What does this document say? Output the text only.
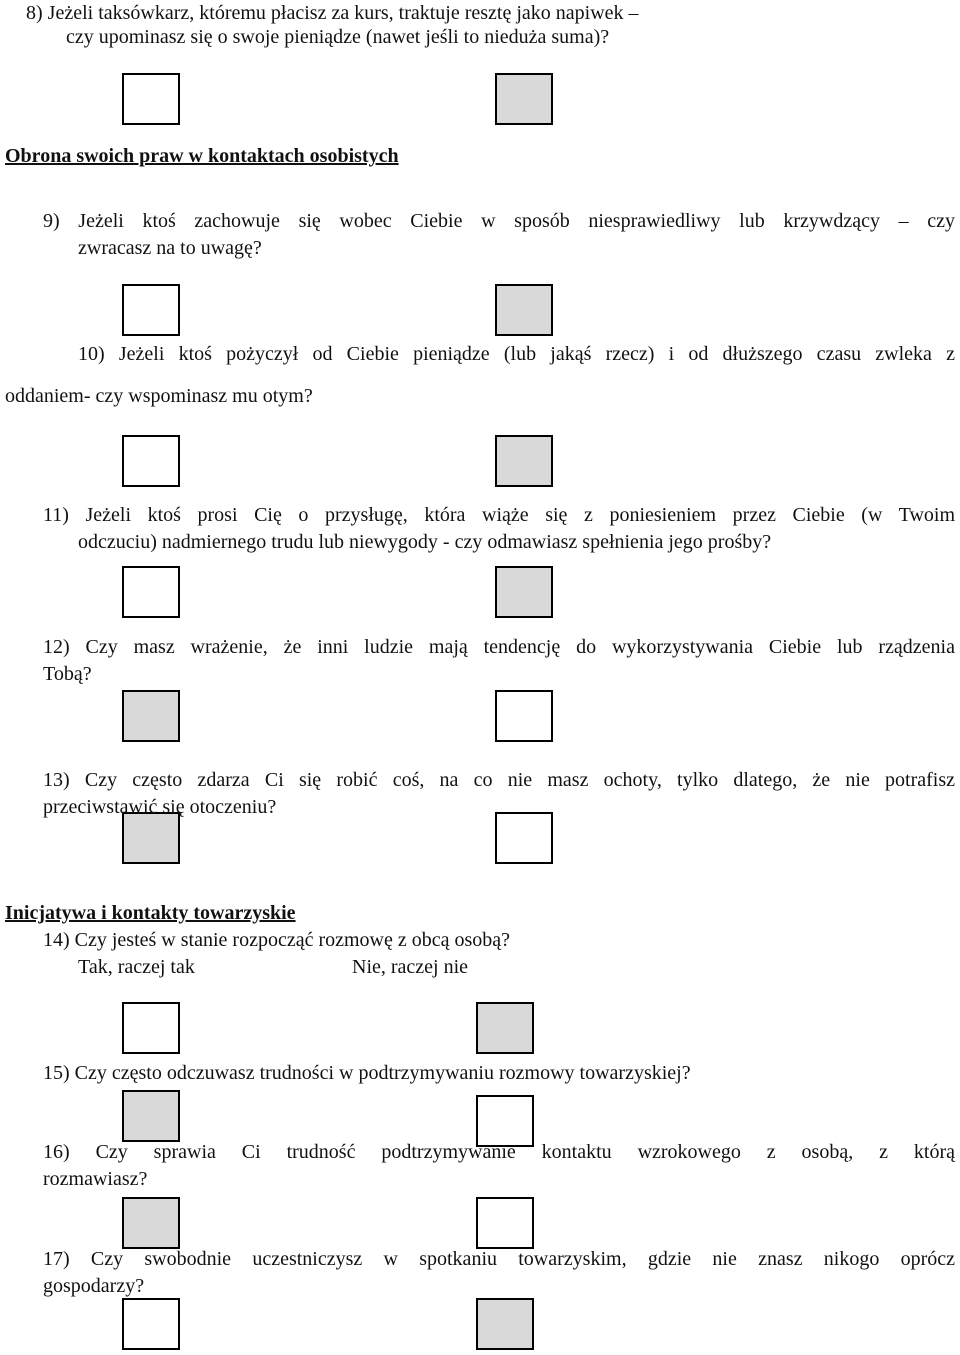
8) Jeżeli taksówkarz, któremu płacisz za kurs, traktuje resztę jako napiwek –
czy upominasz się o swoje pieniądze (nawet jeśli to nieduża suma)?
Obrona swoich praw w kontaktach osobistych
9) Jeżeli ktoś zachowuje się wobec Ciebie w sposób niesprawiedliwy lub krzywdzący – czy
zwracasz na to uwagę?
10) Jeżeli ktoś pożyczył od Ciebie pieniądze (lub jakąś rzecz) i od dłuższego czasu zwleka z
oddaniem- czy wspominasz mu otym?
11) Jeżeli ktoś prosi Cię o przysługę, która wiąże się z poniesieniem przez Ciebie (w Twoim
odczuciu) nadmiernego trudu lub niewygody - czy odmawiasz spełnienia jego prośby?
12) Czy masz wrażenie, że inni ludzie mają tendencję do wykorzystywania Ciebie lub rządzenia
Tobą?
13) Czy często zdarza Ci się robić coś, na co nie masz ochoty, tylko dlatego, że nie potrafisz
przeciwstawić się otoczeniu?
Inicjatywa i kontakty towarzyskie
14) Czy jesteś w stanie rozpocząć rozmowę z obcą osobą?
Tak, raczej tak	Nie, raczej nie
15) Czy często odczuwasz trudności w podtrzymywaniu rozmowy towarzyskiej?
16) Czy sprawia Ci trudność podtrzymywanie kontaktu wzrokowego z osobą, z którą
rozmawiasz?
17) Czy swobodnie uczestniczysz w spotkaniu towarzyskim, gdzie nie znasz nikogo oprócz
gospodarzy?
